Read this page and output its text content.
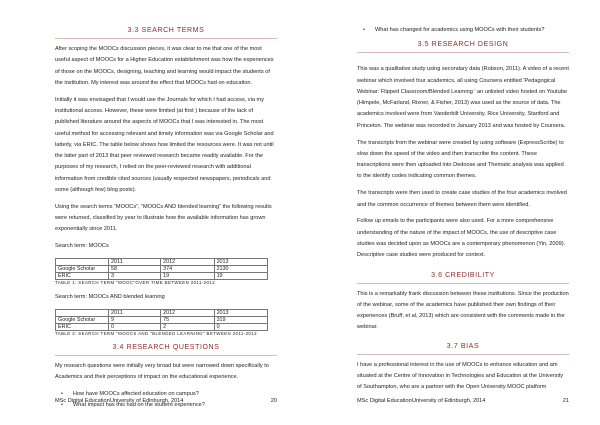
3.3 SEARCH TERMS

After scoping the MOOCs discussion pieces, it was clear to me that one of the most useful aspect of MOOCs for a Higher Education establishment was how the experiences of those on the MOOCs, designing, teaching and learning would impact the students of the institution. My interest was around the effect that MOOCs had on education.

Initially it was envisaged that I would use the Journals for which I had access, via my institutional access. However, these were limited (at first ) because of the lack of published literature around the aspects of MOOCs that I was interested in. The most useful method for accessing relevant and timely information was via Google Scholar and latterly, via ERIC. The table below shows how limited the resources were. It was not until the latter part of 2013 that peer reviewed research became readily available. For the purposes of my research, I relied on the peer-reviewed research with additional information from credible cited sources (usually respected newspapers, periodicals and some (although few) blog posts).

Using the search terms “MOOCs”, “MOOCs AND blended learning” the following results were returned, classified by year to illustrate how the available information has grown exponentially since 2011.

Search term: MOOCs

	2011	2012	2013
Google Scholar	58	374	2130
ERIC	3	19	19
TABLE 1: SEARCH TERM "MOOC"OVER TIME BETWEEN 2011-2012

Search term: MOOCs AND blended learning

	2011	2012	2013
Google Scholar	9	75	319
ERIC	0	2	0
TABLE 2: SEARCH TERM "MOOCS AND "BLENDED LEARNING" BETWEEN 2011-2012
3.4 RESEARCH QUESTIONS

My research questions were initially very broad but were narrowed down specifically to Academics and their perceptions of impact on the educational experience.

• How have MOOCs affected education on campus?
• What impact has this had on the student experience?
MSc Digital Education University of Edinburgh, 2014	20
• What has changed for academics using MOOCs with their students?
3.5 RESEARCH DESIGN

This was a qualitative study using secondary data (Robson, 2011). A video of a recent webinar which involved four academics, all using Coursera entitled 'Pedagogical Webinar: Flipped Classroom/Blended Learning ' an unlisted video hosted on Youtube (Himpele, McFarland, Rixner, & Fisher, 2013) was used as the source of data. The academics involved were from Vanderbilt University, Rice University, Stanford and Princeton. The webinar was recorded in January 2013 and was hosted by Coursera.

The transcripts from the webinar were created by using software (ExpressScribe) to slow down the speed of the video and then transcribe the content. These transcriptions were then uploaded into Dedoose and Thematic analysis was applied to the identify codes indicating common themes.

The transcripts were then used to create case studies of the four academics involved and the common occurrence of themes between them were identified.

Follow up emails to the participants were also used. For a more comprehensive understanding of the nature of the impact of MOOCs, the use of descriptive case studies was decided upon as MOOCs are a contemporary phenomenon (Yin, 2009). Descriptive case studies were produced for context.

3.6 CREDIBILITY

This is a remarkably frank discussion between these institutions. Since the production of the webinar, some of the academics have published their own findings of their experiences (Bruff, et al, 2013) which are consistent with the comments made in the webinar.

3.7 BIAS

I have a professional interest in the use of MOOCs to enhance education and am situated at the Centre of Innovation in Technologies and Education at the University of Southampton, who are a partner with the Open University MOOC platform

MSc Digital Education University of Edinburgh, 2014	21
